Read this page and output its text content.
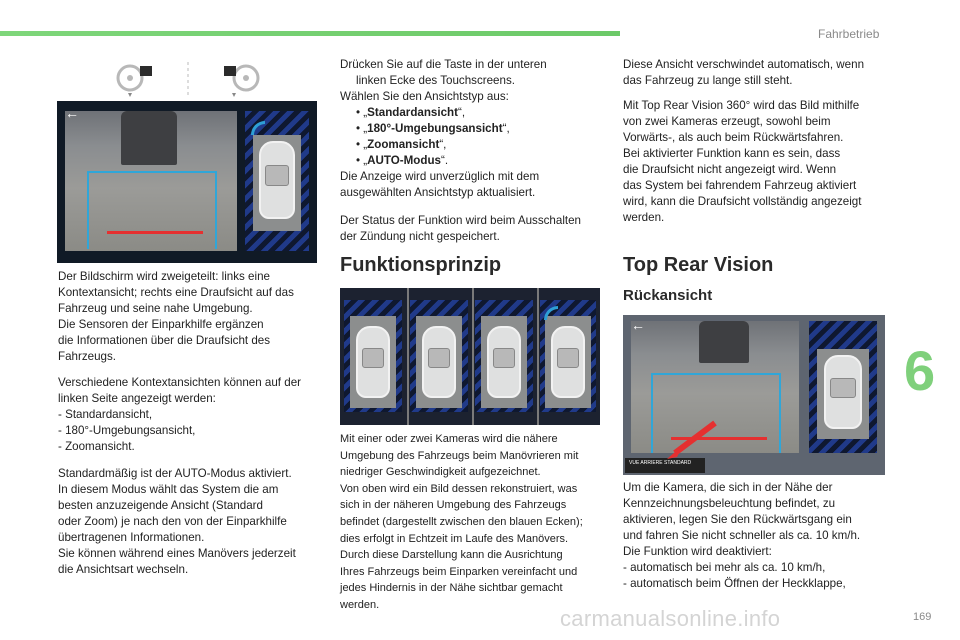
Fahrbetrieb
6
169
carmanualsonline.info
←

Der Bildschirm wird zweigeteilt: links eine

Kontextansicht; rechts eine Draufsicht auf das

Fahrzeug und seine nahe Umgebung.

Die Sensoren der Einparkhilfe ergänzen

die Informationen über die Draufsicht des

Fahrzeugs.

Verschiedene Kontextansichten können auf der

linken Seite angezeigt werden:

- Standardansicht,

- 180°-Umgebungsansicht,

- Zoomansicht.

Standardmäßig ist der AUTO-Modus aktiviert.

In diesem Modus wählt das System die am

besten anzuzeigende Ansicht (Standard

oder Zoom) je nach den von der Einparkhilfe

übertragenen Informationen.

Sie können während eines Manövers jederzeit

die Ansichtsart wechseln.

Drücken Sie auf die Taste in der unteren

linken Ecke des Touchscreens.

Wählen Sie den Ansichtstyp aus:

• „Standardansicht“,

• „180°-Umgebungsansicht“,

• „Zoomansicht“,

• „AUTO-Modus“.

Die Anzeige wird unverzüglich mit dem

ausgewählten Ansichtstyp aktualisiert.

Der Status der Funktion wird beim Ausschalten

der Zündung nicht gespeichert.

Funktionsprinzip

Mit einer oder zwei Kameras wird die nähere

Umgebung des Fahrzeugs beim Manövrieren mit

niedriger Geschwindigkeit aufgezeichnet.

Von oben wird ein Bild dessen rekonstruiert, was

sich in der näheren Umgebung des Fahrzeugs

befindet (dargestellt zwischen den blauen Ecken);

dies erfolgt in Echtzeit im Laufe des Manövers.

Durch diese Darstellung kann die Ausrichtung

Ihres Fahrzeugs beim Einparken vereinfacht und

jedes Hindernis in der Nähe sichtbar gemacht

werden.

Diese Ansicht verschwindet automatisch, wenn

das Fahrzeug zu lange still steht.

Mit Top Rear Vision 360° wird das Bild mithilfe

von zwei Kameras erzeugt, sowohl beim

Vorwärts-, als auch beim Rückwärtsfahren.

Bei aktivierter Funktion kann es sein, dass

die Draufsicht nicht angezeigt wird. Wenn

das System bei fahrendem Fahrzeug aktiviert

wird, kann die Draufsicht vollständig angezeigt

werden.

Top Rear Vision
Rückansicht
←
VUE ARRIERE STANDARD

Um die Kamera, die sich in der Nähe der

Kennzeichnungsbeleuchtung befindet, zu

aktivieren, legen Sie den Rückwärtsgang ein

und fahren Sie nicht schneller als ca. 10 km/h.

Die Funktion wird deaktiviert:

- automatisch bei mehr als ca. 10 km/h,

- automatisch beim Öffnen der Heckklappe,
